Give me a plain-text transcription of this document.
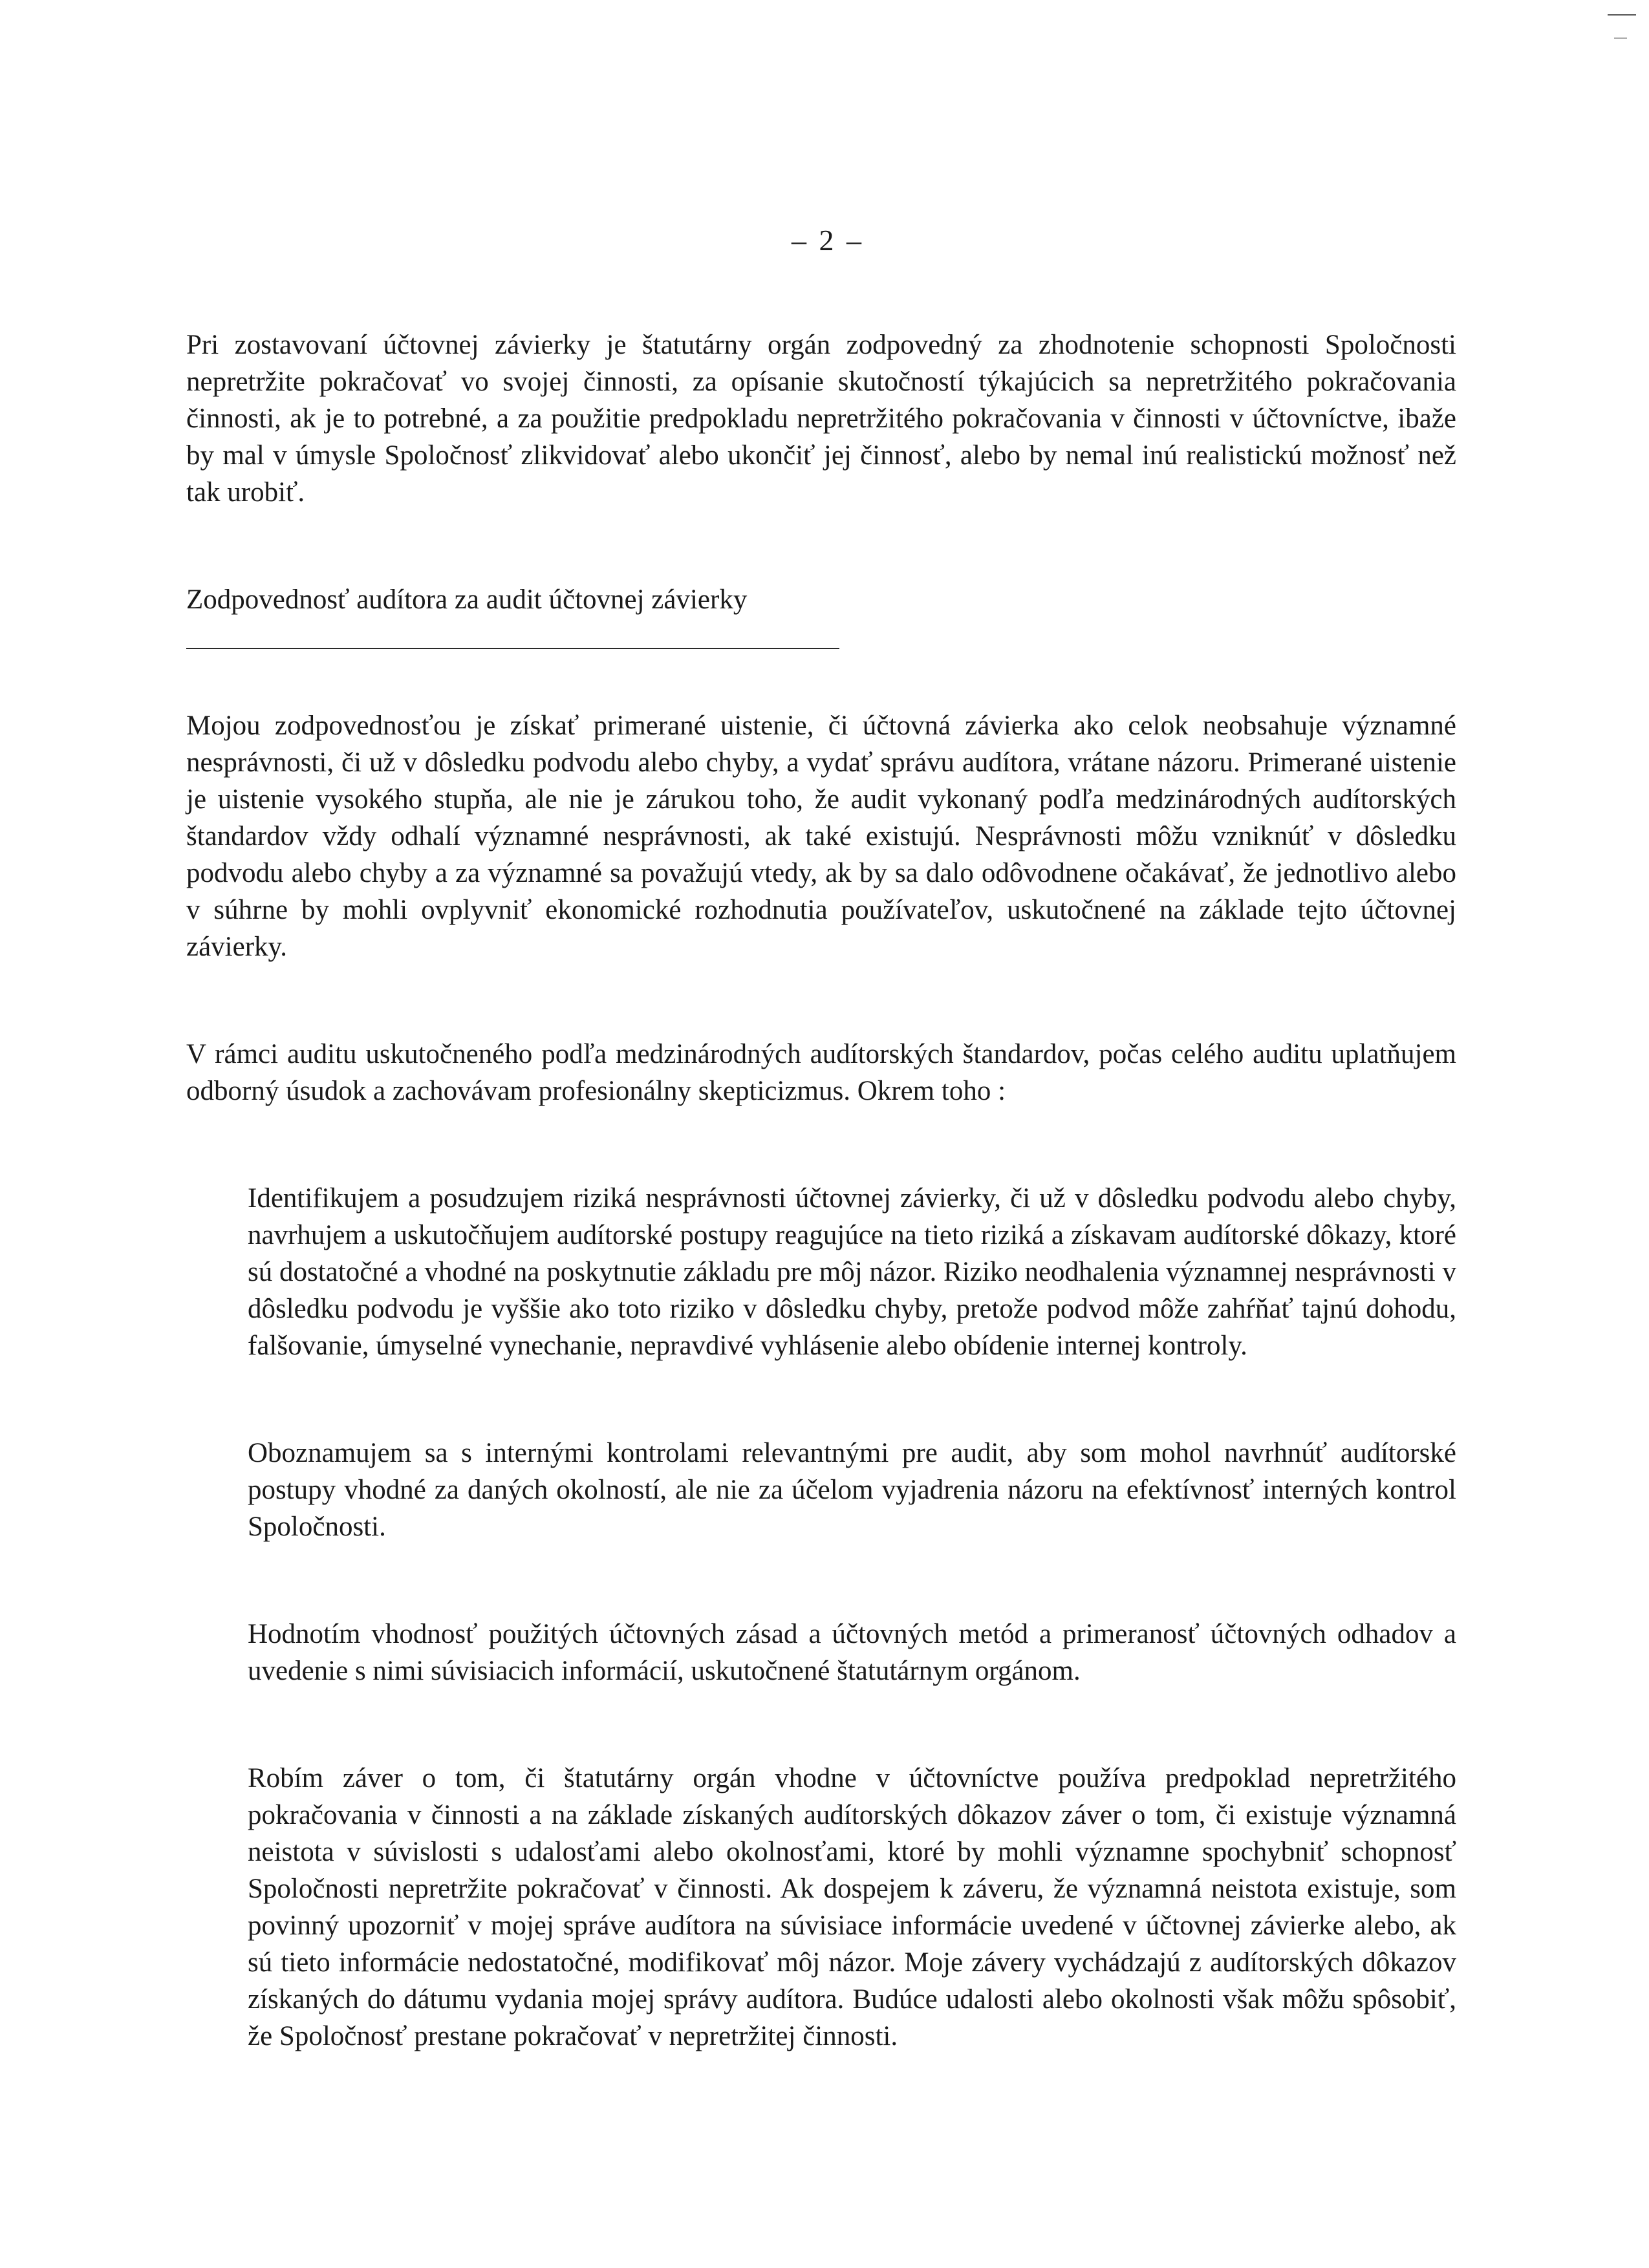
– 2 –

Pri zostavovaní účtovnej závierky je štatutárny orgán zodpovedný za zhodnotenie schopnosti Spoločnosti nepretržite pokračovať vo svojej činnosti, za opísanie skutočností týkajúcich sa nepretržitého pokračovania činnosti, ak je to potrebné, a za použitie predpokladu nepretržitého pokračovania v činnosti v účtovníctve, ibaže by mal v úmysle Spoločnosť zlikvidovať alebo ukončiť jej činnosť, alebo by nemal inú realistickú možnosť než tak urobiť.

Zodpovednosť audítora za audit účtovnej závierky

Mojou zodpovednosťou je získať primerané uistenie, či účtovná závierka ako celok neobsahuje významné nesprávnosti, či už v dôsledku podvodu alebo chyby, a vydať správu audítora, vrátane názoru. Primerané uistenie je uistenie vysokého stupňa, ale nie je zárukou toho, že audit vykonaný podľa medzinárodných audítorských štandardov vždy odhalí významné nesprávnosti, ak také existujú. Nesprávnosti môžu vzniknúť v dôsledku podvodu alebo chyby a za významné sa považujú vtedy, ak by sa dalo odôvodnene očakávať, že jednotlivo alebo v súhrne by mohli ovplyvniť ekonomické rozhodnutia používateľov, uskutočnené na základe tejto účtovnej závierky.

V rámci auditu uskutočneného podľa medzinárodných audítorských štandardov, počas celého auditu uplatňujem odborný úsudok a zachovávam profesionálny skepticizmus. Okrem toho :

Identifikujem a posudzujem riziká nesprávnosti účtovnej závierky, či už v dôsledku podvodu alebo chyby, navrhujem a uskutočňujem audítorské postupy reagujúce na tieto riziká a získavam audítorské dôkazy, ktoré sú dostatočné a vhodné na poskytnutie základu pre môj názor. Riziko neodhalenia významnej nesprávnosti v dôsledku podvodu je vyššie ako toto riziko v dôsledku chyby, pretože podvod môže zahŕňať tajnú dohodu, falšovanie, úmyselné vynechanie, nepravdivé vyhlásenie alebo obídenie internej kontroly.

Oboznamujem sa s internými kontrolami relevantnými pre audit, aby som mohol navrhnúť audítorské postupy vhodné za daných okolností, ale nie za účelom vyjadrenia názoru na efektívnosť interných kontrol Spoločnosti.

Hodnotím vhodnosť použitých účtovných zásad a účtovných metód a primeranosť účtovných odhadov a uvedenie s nimi súvisiacich informácií, uskutočnené štatutárnym orgánom.

Robím záver o tom, či štatutárny orgán vhodne v účtovníctve používa predpoklad nepretržitého pokračovania v činnosti a na základe získaných audítorských dôkazov záver o tom, či existuje významná neistota v súvislosti s udalosťami alebo okolnosťami, ktoré by mohli významne spochybniť schopnosť Spoločnosti nepretržite pokračovať v činnosti. Ak dospejem k záveru, že významná neistota existuje, som povinný upozorniť v mojej správe audítora na súvisiace informácie uvedené v účtovnej závierke alebo, ak sú tieto informácie nedostatočné, modifikovať môj názor. Moje závery vychádzajú z audítorských dôkazov získaných do dátumu vydania mojej správy audítora. Budúce udalosti alebo okolnosti však môžu spôsobiť, že Spoločnosť prestane pokračovať v nepretržitej činnosti.
